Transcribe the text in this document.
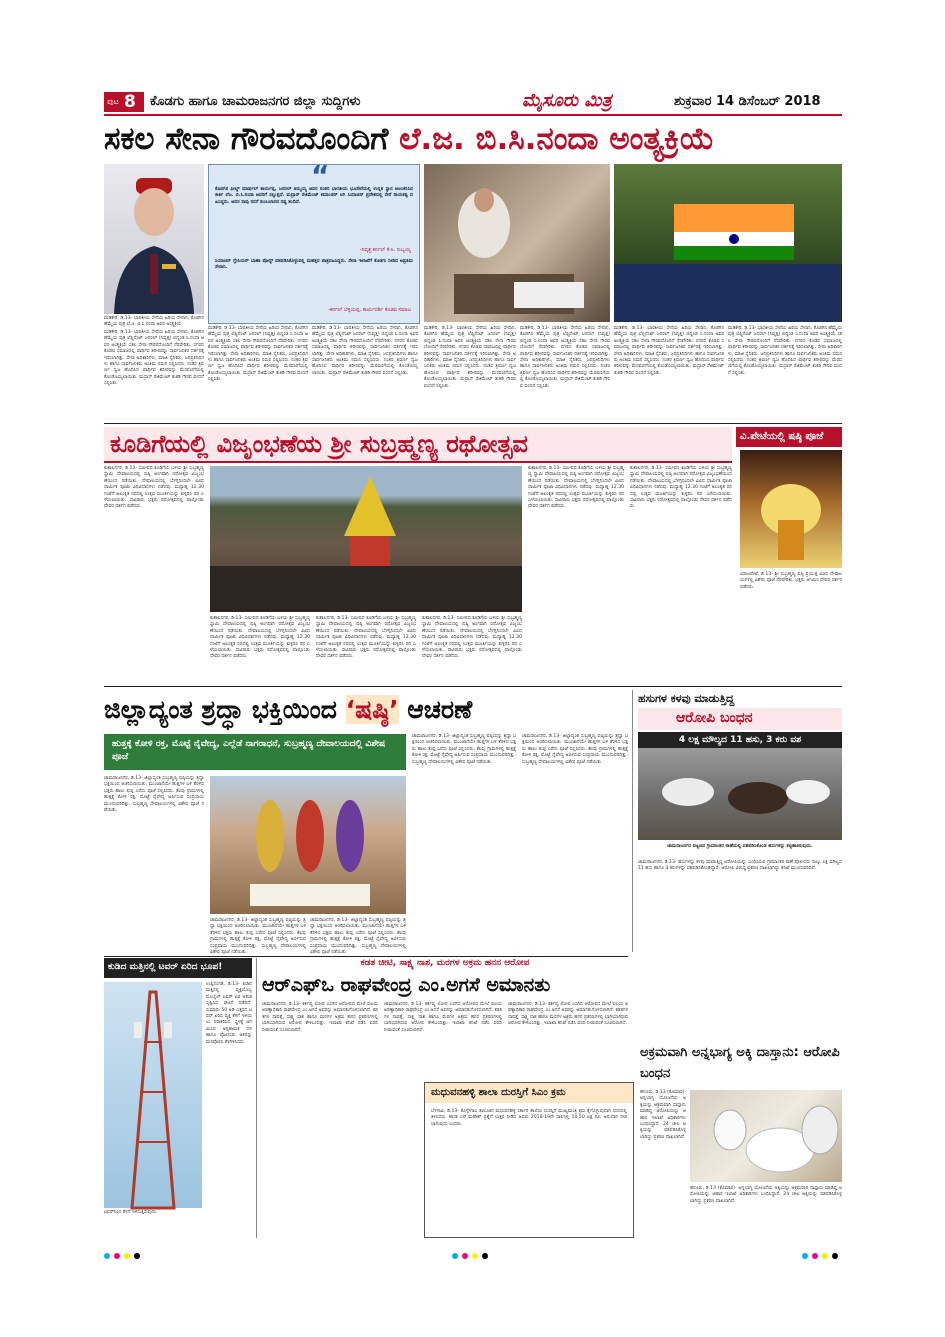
ಪುಟ 8 ಕೊಡಗು ಹಾಗೂ ಚಾಮರಾಜನಗರ ಜಿಲ್ಲಾ ಸುದ್ದಿಗಳು	ಮೈಸೂರು ಮಿತ್ರ	ಶುಕ್ರವಾರ 14 ಡಿಸೆಂಬರ್ 2018
ಸಕಲ ಸೇನಾ ಗೌರವದೊಂದಿಗೆ ಲೆ.ಜ. ಬಿ.ಸಿ.ನಂದಾ ಅಂತ್ಯಕ್ರಿಯೆ
ಮಡಿಕೇರಿ, ಡಿ.13- ಭಾರತೀಯ ಸೇನೆಯ ಹಿರಿಯ ಸೇನಾನಿ, ಕೊಡಗಿನ ಹೆಮ್ಮೆಯ ಪುತ್ರ ಲೆ.ಜ. ಬಿ.ಸಿ.ನಂದಾ ಅವರ ಅಂತ್ಯಕ್ರಿಯೆ
“
ಕೊಡಗಿನ ಫೀಲ್ಡ್ ಮಾರ್ಷಲ್ ಕಾರ್ಯಪ್ಪ, ಜನರಲ್ ತಿಮ್ಮಯ್ಯ ಅವರ ನಂತರ ಭಾರತೀಯ ಭೂಸೇನೆಯಲ್ಲಿ ಉನ್ನತ ಸ್ಥಾನ ಅಲಂಕರಿಸಿದ ಕೀರ್ತಿ ಲೆಜ. ಬಿ.ಸಿ.ನಂದಾ ಅವರಿಗೆ ಸಲ್ಲುತ್ತದೆ. ಮದ್ರಾಸ್ ರೆಜಿಮೆಂಟ್ ಕಮಾಂಡರ್ ಆಗಿ ಸಿಯಾಚಿನ್ ಪ್ರದೇಶದಲ್ಲಿ ಸೇನೆ ನಾಯಕತ್ವ ವಹಿಸಿದ್ದರು. ಅವರ ಸಾವು ನನಗೆ ತುಂಬಲಾರದ ನಷ್ಟ ತಂದಿದೆ.
-ನಿವೃತ್ತ ಕರ್ನಲ್ ಕೆ.ಸಿ. ಸುಬ್ಬಯ್ಯ
ಸಿಯಾಚಿನ್ ಗ್ಲೇಸಿಯರ್ ಬಾಣಾ ಪೋಸ್ಟ್ ವಶಪಡಿಸಿಕೊಳ್ಳುವಲ್ಲಿ ಮಹತ್ತರ ಪಾತ್ರವಹಿಸಿದ್ದರು. ಸೇನಾ ಇಲಾಖೆಗೆ ಕೊಡಗು ನೀಡಿದ ಅಪ್ರತಿಮ ಸೇನಾನಿ.
-ಕರ್ನಲ್ ಬೆಳ್ಳಿಯಪ್ಪ, ಕಾರ್ಯದರ್ಶಿ ಕೊಡವ ಸಮಾಜ
ಮಡಿಕೇರಿ, ಡಿ.13- ಭಾರತೀಯ ಸೇನೆಯ ಹಿರಿಯ ಸೇನಾನಿ, ಕೊಡಗಿನ ಹೆಮ್ಮೆಯ ಪುತ್ರ ಲೆಫ್ಟಿನೆಂಟ್ ಜನರಲ್ (ನಿವೃತ್ತ) ಬಿದ್ದಂಡ ಸಿ.ನಂದಾ ಅವರ ಅಂತ್ಯಕ್ರಿಯೆ ಸಕಲ ಸೇನಾ ಗೌರವದೊಂದಿಗೆ ನೆರವೇರಿತು. ನಗರದ ಕೊಡವ ಸಮಾಜದಲ್ಲಿ ಪಾರ್ಥಿವ ಶರೀರವನ್ನು ಸಾರ್ವಜನಿಕರ ದರ್ಶನಕ್ಕೆ ಇರಿಸಲಾಗಿತ್ತು. ಸೇನಾ ಅಧಿಕಾರಿಗಳು, ಮಾಜಿ ಸೈನಿಕರು, ಜನಪ್ರತಿನಿಧಿಗಳು ಹಾಗೂ ಸಾರ್ವಜನಿಕರು ಅಂತಿಮ ನಮನ ಸಲ್ಲಿಸಿದರು. ನಂತರ ತ್ರಿವರ್ಣ ಧ್ವಜ ಹೊದಿಸಿದ ಪಾರ್ಥಿವ ಶರೀರವನ್ನು ಮೆರವಣಿಗೆಯಲ್ಲಿ ಕೊಂಡೊಯ್ಯಲಾಯಿತು. ಮದ್ರಾಸ್ ರೆಜಿಮೆಂಟ್ ತುಕಡಿ ಗೌರವ ವಂದನೆ ಸಲ್ಲಿಸಿತು.
ಮಡಿಕೇರಿ, ಡಿ.13- ಭಾರತೀಯ ಸೇನೆಯ ಹಿರಿಯ ಸೇನಾನಿ, ಕೊಡಗಿನ ಹೆಮ್ಮೆಯ ಪುತ್ರ ಲೆಫ್ಟಿನೆಂಟ್ ಜನರಲ್ (ನಿವೃತ್ತ) ಬಿದ್ದಂಡ ಸಿ.ನಂದಾ ಅವರ ಅಂತ್ಯಕ್ರಿಯೆ ಸಕಲ ಸೇನಾ ಗೌರವದೊಂದಿಗೆ ನೆರವೇರಿತು. ನಗರದ ಕೊಡವ ಸಮಾಜದಲ್ಲಿ ಪಾರ್ಥಿವ ಶರೀರವನ್ನು ಸಾರ್ವಜನಿಕರ ದರ್ಶನಕ್ಕೆ ಇರಿಸಲಾಗಿತ್ತು. ಸೇನಾ ಅಧಿಕಾರಿಗಳು, ಮಾಜಿ ಸೈನಿಕರು, ಜನಪ್ರತಿನಿಧಿಗಳು ಹಾಗೂ ಸಾರ್ವಜನಿಕರು ಅಂತಿಮ ನಮನ ಸಲ್ಲಿಸಿದರು. ನಂತರ ತ್ರಿವರ್ಣ ಧ್ವಜ ಹೊದಿಸಿದ ಪಾರ್ಥಿವ ಶರೀರವನ್ನು ಮೆರವಣಿಗೆಯಲ್ಲಿ ಕೊಂಡೊಯ್ಯಲಾಯಿತು. ಮದ್ರಾಸ್ ರೆಜಿಮೆಂಟ್ ತುಕಡಿ ಗೌರವ ವಂದನೆ ಸಲ್ಲಿಸಿತು.
ಮಡಿಕೇರಿ, ಡಿ.13- ಭಾರತೀಯ ಸೇನೆಯ ಹಿರಿಯ ಸೇನಾನಿ, ಕೊಡಗಿನ ಹೆಮ್ಮೆಯ ಪುತ್ರ ಲೆಫ್ಟಿನೆಂಟ್ ಜನರಲ್ (ನಿವೃತ್ತ) ಬಿದ್ದಂಡ ಸಿ.ನಂದಾ ಅವರ ಅಂತ್ಯಕ್ರಿಯೆ ಸಕಲ ಸೇನಾ ಗೌರವದೊಂದಿಗೆ ನೆರವೇರಿತು. ನಗರದ ಕೊಡವ ಸಮಾಜದಲ್ಲಿ ಪಾರ್ಥಿವ ಶರೀರವನ್ನು ಸಾರ್ವಜನಿಕರ ದರ್ಶನಕ್ಕೆ ಇರಿಸಲಾಗಿತ್ತು. ಸೇನಾ ಅಧಿಕಾರಿಗಳು, ಮಾಜಿ ಸೈನಿಕರು, ಜನಪ್ರತಿನಿಧಿಗಳು ಹಾಗೂ ಸಾರ್ವಜನಿಕರು ಅಂತಿಮ ನಮನ ಸಲ್ಲಿಸಿದರು. ನಂತರ ತ್ರಿವರ್ಣ ಧ್ವಜ ಹೊದಿಸಿದ ಪಾರ್ಥಿವ ಶರೀರವನ್ನು ಮೆರವಣಿಗೆಯಲ್ಲಿ ಕೊಂಡೊಯ್ಯಲಾಯಿತು. ಮದ್ರಾಸ್ ರೆಜಿಮೆಂಟ್ ತುಕಡಿ ಗೌರವ ವಂದನೆ ಸಲ್ಲಿಸಿತು.
ಮಡಿಕೇರಿ, ಡಿ.13- ಭಾರತೀಯ ಸೇನೆಯ ಹಿರಿಯ ಸೇನಾನಿ, ಕೊಡಗಿನ ಹೆಮ್ಮೆಯ ಪುತ್ರ ಲೆಫ್ಟಿನೆಂಟ್ ಜನರಲ್ (ನಿವೃತ್ತ) ಬಿದ್ದಂಡ ಸಿ.ನಂದಾ ಅವರ ಅಂತ್ಯಕ್ರಿಯೆ ಸಕಲ ಸೇನಾ ಗೌರವದೊಂದಿಗೆ ನೆರವೇರಿತು. ನಗರದ ಕೊಡವ ಸಮಾಜದಲ್ಲಿ ಪಾರ್ಥಿವ ಶರೀರವನ್ನು ಸಾರ್ವಜನಿಕರ ದರ್ಶನಕ್ಕೆ ಇರಿಸಲಾಗಿತ್ತು. ಸೇನಾ ಅಧಿಕಾರಿಗಳು, ಮಾಜಿ ಸೈನಿಕರು, ಜನಪ್ರತಿನಿಧಿಗಳು ಹಾಗೂ ಸಾರ್ವಜನಿಕರು ಅಂತಿಮ ನಮನ ಸಲ್ಲಿಸಿದರು. ನಂತರ ತ್ರಿವರ್ಣ ಧ್ವಜ ಹೊದಿಸಿದ ಪಾರ್ಥಿವ ಶರೀರವನ್ನು ಮೆರವಣಿಗೆಯಲ್ಲಿ ಕೊಂಡೊಯ್ಯಲಾಯಿತು. ಮದ್ರಾಸ್ ರೆಜಿಮೆಂಟ್ ತುಕಡಿ ಗೌರವ ವಂದನೆ ಸಲ್ಲಿಸಿತು.
ಮಡಿಕೇರಿ, ಡಿ.13- ಭಾರತೀಯ ಸೇನೆಯ ಹಿರಿಯ ಸೇನಾನಿ, ಕೊಡಗಿನ ಹೆಮ್ಮೆಯ ಪುತ್ರ ಲೆಫ್ಟಿನೆಂಟ್ ಜನರಲ್ (ನಿವೃತ್ತ) ಬಿದ್ದಂಡ ಸಿ.ನಂದಾ ಅವರ ಅಂತ್ಯಕ್ರಿಯೆ ಸಕಲ ಸೇನಾ ಗೌರವದೊಂದಿಗೆ ನೆರವೇರಿತು. ನಗರದ ಕೊಡವ ಸಮಾಜದಲ್ಲಿ ಪಾರ್ಥಿವ ಶರೀರವನ್ನು ಸಾರ್ವಜನಿಕರ ದರ್ಶನಕ್ಕೆ ಇರಿಸಲಾಗಿತ್ತು. ಸೇನಾ ಅಧಿಕಾರಿಗಳು, ಮಾಜಿ ಸೈನಿಕರು, ಜನಪ್ರತಿನಿಧಿಗಳು ಹಾಗೂ ಸಾರ್ವಜನಿಕರು ಅಂತಿಮ ನಮನ ಸಲ್ಲಿಸಿದರು. ನಂತರ ತ್ರಿವರ್ಣ ಧ್ವಜ ಹೊದಿಸಿದ ಪಾರ್ಥಿವ ಶರೀರವನ್ನು ಮೆರವಣಿಗೆಯಲ್ಲಿ ಕೊಂಡೊಯ್ಯಲಾಯಿತು. ಮದ್ರಾಸ್ ರೆಜಿಮೆಂಟ್ ತುಕಡಿ ಗೌರವ ವಂದನೆ ಸಲ್ಲಿಸಿತು.
ಮಡಿಕೇರಿ, ಡಿ.13- ಭಾರತೀಯ ಸೇನೆಯ ಹಿರಿಯ ಸೇನಾನಿ, ಕೊಡಗಿನ ಹೆಮ್ಮೆಯ ಪುತ್ರ ಲೆಫ್ಟಿನೆಂಟ್ ಜನರಲ್ (ನಿವೃತ್ತ) ಬಿದ್ದಂಡ ಸಿ.ನಂದಾ ಅವರ ಅಂತ್ಯಕ್ರಿಯೆ ಸಕಲ ಸೇನಾ ಗೌರವದೊಂದಿಗೆ ನೆರವೇರಿತು. ನಗರದ ಕೊಡವ ಸಮಾಜದಲ್ಲಿ ಪಾರ್ಥಿವ ಶರೀರವನ್ನು ಸಾರ್ವಜನಿಕರ ದರ್ಶನಕ್ಕೆ ಇರಿಸಲಾಗಿತ್ತು. ಸೇನಾ ಅಧಿಕಾರಿಗಳು, ಮಾಜಿ ಸೈನಿಕರು, ಜನಪ್ರತಿನಿಧಿಗಳು ಹಾಗೂ ಸಾರ್ವಜನಿಕರು ಅಂತಿಮ ನಮನ ಸಲ್ಲಿಸಿದರು. ನಂತರ ತ್ರಿವರ್ಣ ಧ್ವಜ ಹೊದಿಸಿದ ಪಾರ್ಥಿವ ಶರೀರವನ್ನು ಮೆರವಣಿಗೆಯಲ್ಲಿ ಕೊಂಡೊಯ್ಯಲಾಯಿತು. ಮದ್ರಾಸ್ ರೆಜಿಮೆಂಟ್ ತುಕಡಿ ಗೌರವ ವಂದನೆ ಸಲ್ಲಿಸಿತು.
ಮಡಿಕೇರಿ, ಡಿ.13- ಭಾರತೀಯ ಸೇನೆಯ ಹಿರಿಯ ಸೇನಾನಿ, ಕೊಡಗಿನ ಹೆಮ್ಮೆಯ ಪುತ್ರ ಲೆಫ್ಟಿನೆಂಟ್ ಜನರಲ್ (ನಿವೃತ್ತ) ಬಿದ್ದಂಡ ಸಿ.ನಂದಾ ಅವರ ಅಂತ್ಯಕ್ರಿಯೆ ಸಕಲ ಸೇನಾ ಗೌರವದೊಂದಿಗೆ ನೆರವೇರಿತು. ನಗರದ ಕೊಡವ ಸಮಾಜದಲ್ಲಿ ಪಾರ್ಥಿವ ಶರೀರವನ್ನು ಸಾರ್ವಜನಿಕರ ದರ್ಶನಕ್ಕೆ ಇರಿಸಲಾಗಿತ್ತು. ಸೇನಾ ಅಧಿಕಾರಿಗಳು, ಮಾಜಿ ಸೈನಿಕರು, ಜನಪ್ರತಿನಿಧಿಗಳು ಹಾಗೂ ಸಾರ್ವಜನಿಕರು ಅಂತಿಮ ನಮನ ಸಲ್ಲಿಸಿದರು. ನಂತರ ತ್ರಿವರ್ಣ ಧ್ವಜ ಹೊದಿಸಿದ ಪಾರ್ಥಿವ ಶರೀರವನ್ನು ಮೆರವಣಿಗೆಯಲ್ಲಿ ಕೊಂಡೊಯ್ಯಲಾಯಿತು. ಮದ್ರಾಸ್ ರೆಜಿಮೆಂಟ್ ತುಕಡಿ ಗೌರವ ವಂದನೆ ಸಲ್ಲಿಸಿತು.
ಕೂಡಿಗೆಯಲ್ಲಿ ವಿಜೃಂಭಣೆಯ ಶ್ರೀ ಸುಬ್ರಹ್ಮಣ್ಯ ರಥೋತ್ಸವ	ವಿ.ಪೇಟೆಯಲ್ಲಿ ಷಷ್ಠಿ ಪೂಜೆ
ಕುಶಾಲನಗರ, ಡಿ.13- ಸಮೀಪದ ಕೂಡಿಗೆಯ ಬಳಿಯ ಶ್ರೀ ಸುಬ್ರಹ್ಮಣ್ಯ ಸ್ವಾಮಿ ದೇವಾಲಯದಲ್ಲಿ ಷಷ್ಠಿ ಅಂಗವಾಗಿ ರಥೋತ್ಸವ ವಿಜೃಂಭಣೆಯಿಂದ ನಡೆಯಿತು. ದೇವಾಲಯದಲ್ಲಿ ಬೆಳಗ್ಗಿನಿಂದಲೇ ವಿವಿಧ ಧಾರ್ಮಿಕ ಪೂಜಾ ವಿಧಿವಿಧಾನಗಳು ನಡೆದವು. ಮಧ್ಯಾಹ್ನ 12.30 ಗಂಟೆಗೆ ಅಲಂಕೃತ ರಥದಲ್ಲಿ ಉತ್ಸವ ಮೂರ್ತಿಯನ್ನು ಕುಳ್ಳಿರಿಸಿ ರಥ ಎಳೆಯಲಾಯಿತು. ಸಾವಿರಾರು ಭಕ್ತರು ರಥೋತ್ಸವದಲ್ಲಿ ಪಾಲ್ಗೊಂಡು ದೇವರ ದರ್ಶನ ಪಡೆದರು.
ಕುಶಾಲನಗರ, ಡಿ.13- ಸಮೀಪದ ಕೂಡಿಗೆಯ ಬಳಿಯ ಶ್ರೀ ಸುಬ್ರಹ್ಮಣ್ಯ ಸ್ವಾಮಿ ದೇವಾಲಯದಲ್ಲಿ ಷಷ್ಠಿ ಅಂಗವಾಗಿ ರಥೋತ್ಸವ ವಿಜೃಂಭಣೆಯಿಂದ ನಡೆಯಿತು. ದೇವಾಲಯದಲ್ಲಿ ಬೆಳಗ್ಗಿನಿಂದಲೇ ವಿವಿಧ ಧಾರ್ಮಿಕ ಪೂಜಾ ವಿಧಿವಿಧಾನಗಳು ನಡೆದವು. ಮಧ್ಯಾಹ್ನ 12.30 ಗಂಟೆಗೆ ಅಲಂಕೃತ ರಥದಲ್ಲಿ ಉತ್ಸವ ಮೂರ್ತಿಯನ್ನು ಕುಳ್ಳಿರಿಸಿ ರಥ ಎಳೆಯಲಾಯಿತು. ಸಾವಿರಾರು ಭಕ್ತರು ರಥೋತ್ಸವದಲ್ಲಿ ಪಾಲ್ಗೊಂಡು ದೇವರ ದರ್ಶನ ಪಡೆದರು.
ಕುಶಾಲನಗರ, ಡಿ.13- ಸಮೀಪದ ಕೂಡಿಗೆಯ ಬಳಿಯ ಶ್ರೀ ಸುಬ್ರಹ್ಮಣ್ಯ ಸ್ವಾಮಿ ದೇವಾಲಯದಲ್ಲಿ ಷಷ್ಠಿ ಅಂಗವಾಗಿ ರಥೋತ್ಸವ ವಿಜೃಂಭಣೆಯಿಂದ ನಡೆಯಿತು. ದೇವಾಲಯದಲ್ಲಿ ಬೆಳಗ್ಗಿನಿಂದಲೇ ವಿವಿಧ ಧಾರ್ಮಿಕ ಪೂಜಾ ವಿಧಿವಿಧಾನಗಳು ನಡೆದವು. ಮಧ್ಯಾಹ್ನ 12.30 ಗಂಟೆಗೆ ಅಲಂಕೃತ ರಥದಲ್ಲಿ ಉತ್ಸವ ಮೂರ್ತಿಯನ್ನು ಕುಳ್ಳಿರಿಸಿ ರಥ ಎಳೆಯಲಾಯಿತು. ಸಾವಿರಾರು ಭಕ್ತರು ರಥೋತ್ಸವದಲ್ಲಿ ಪಾಲ್ಗೊಂಡು ದೇವರ ದರ್ಶನ ಪಡೆದರು.
ಕುಶಾಲನಗರ, ಡಿ.13- ಸಮೀಪದ ಕೂಡಿಗೆಯ ಬಳಿಯ ಶ್ರೀ ಸುಬ್ರಹ್ಮಣ್ಯ ಸ್ವಾಮಿ ದೇವಾಲಯದಲ್ಲಿ ಷಷ್ಠಿ ಅಂಗವಾಗಿ ರಥೋತ್ಸವ ವಿಜೃಂಭಣೆಯಿಂದ ನಡೆಯಿತು. ದೇವಾಲಯದಲ್ಲಿ ಬೆಳಗ್ಗಿನಿಂದಲೇ ವಿವಿಧ ಧಾರ್ಮಿಕ ಪೂಜಾ ವಿಧಿವಿಧಾನಗಳು ನಡೆದವು. ಮಧ್ಯಾಹ್ನ 12.30 ಗಂಟೆಗೆ ಅಲಂಕೃತ ರಥದಲ್ಲಿ ಉತ್ಸವ ಮೂರ್ತಿಯನ್ನು ಕುಳ್ಳಿರಿಸಿ ರಥ ಎಳೆಯಲಾಯಿತು. ಸಾವಿರಾರು ಭಕ್ತರು ರಥೋತ್ಸವದಲ್ಲಿ ಪಾಲ್ಗೊಂಡು ದೇವರ ದರ್ಶನ ಪಡೆದರು.
ಕುಶಾಲನಗರ, ಡಿ.13- ಸಮೀಪದ ಕೂಡಿಗೆಯ ಬಳಿಯ ಶ್ರೀ ಸುಬ್ರಹ್ಮಣ್ಯ ಸ್ವಾಮಿ ದೇವಾಲಯದಲ್ಲಿ ಷಷ್ಠಿ ಅಂಗವಾಗಿ ರಥೋತ್ಸವ ವಿಜೃಂಭಣೆಯಿಂದ ನಡೆಯಿತು. ದೇವಾಲಯದಲ್ಲಿ ಬೆಳಗ್ಗಿನಿಂದಲೇ ವಿವಿಧ ಧಾರ್ಮಿಕ ಪೂಜಾ ವಿಧಿವಿಧಾನಗಳು ನಡೆದವು. ಮಧ್ಯಾಹ್ನ 12.30 ಗಂಟೆಗೆ ಅಲಂಕೃತ ರಥದಲ್ಲಿ ಉತ್ಸವ ಮೂರ್ತಿಯನ್ನು ಕುಳ್ಳಿರಿಸಿ ರಥ ಎಳೆಯಲಾಯಿತು. ಸಾವಿರಾರು ಭಕ್ತರು ರಥೋತ್ಸವದಲ್ಲಿ ಪಾಲ್ಗೊಂಡು ದೇವರ ದರ್ಶನ ಪಡೆದರು.
ಕುಶಾಲನಗರ, ಡಿ.13- ಸಮೀಪದ ಕೂಡಿಗೆಯ ಬಳಿಯ ಶ್ರೀ ಸುಬ್ರಹ್ಮಣ್ಯ ಸ್ವಾಮಿ ದೇವಾಲಯದಲ್ಲಿ ಷಷ್ಠಿ ಅಂಗವಾಗಿ ರಥೋತ್ಸವ ವಿಜೃಂಭಣೆಯಿಂದ ನಡೆಯಿತು. ದೇವಾಲಯದಲ್ಲಿ ಬೆಳಗ್ಗಿನಿಂದಲೇ ವಿವಿಧ ಧಾರ್ಮಿಕ ಪೂಜಾ ವಿಧಿವಿಧಾನಗಳು ನಡೆದವು. ಮಧ್ಯಾಹ್ನ 12.30 ಗಂಟೆಗೆ ಅಲಂಕೃತ ರಥದಲ್ಲಿ ಉತ್ಸವ ಮೂರ್ತಿಯನ್ನು ಕುಳ್ಳಿರಿಸಿ ರಥ ಎಳೆಯಲಾಯಿತು. ಸಾವಿರಾರು ಭಕ್ತರು ರಥೋತ್ಸವದಲ್ಲಿ ಪಾಲ್ಗೊಂಡು ದೇವರ ದರ್ಶನ ಪಡೆದರು.
ವಿರಾಜಪೇಟೆ, ಡಿ.13- ಶ್ರೀ ಸುಬ್ರಹ್ಮಣ್ಯ ಷಷ್ಠಿ ಪ್ರಯುಕ್ತ ವಿವಿಧ ದೇವಾಲಯಗಳಲ್ಲಿ ವಿಶೇಷ ಪೂಜೆ ನೆರವೇರಿತು. ಭಕ್ತರು ಆಗಮಿಸಿ ದೇವರ ದರ್ಶನ ಪಡೆದರು.
ಜಿಲ್ಲಾದ್ಯಂತ ಶ್ರದ್ಧಾ ಭಕ್ತಿಯಿಂದ ‘ಷಷ್ಠಿ’ ಆಚರಣೆ
ಹುತ್ತಕ್ಕೆ ಕೋಳಿ ರಕ್ತ, ಮೊಟ್ಟೆ ನೈವೇದ್ಯ, ಎಲ್ಲೆಡೆ ನಾಗರಾಧನೆ, ಸುಬ್ರಹ್ಮಣ್ಯ ದೇವಾಲಯದಲ್ಲಿ ವಿಶೇಷ ಪೂಜೆ
ಚಾಮರಾಜನಗರ, ಡಿ.13- ಜಿಲ್ಲಾದ್ಯಂತ ಸುಬ್ರಹ್ಮಣ್ಯ ಷಷ್ಠಿಯನ್ನು ಶ್ರದ್ಧಾ ಭಕ್ತಿಯಿಂದ ಆಚರಿಸಲಾಯಿತು. ಮುಂಜಾನೆಯೇ ಹುತ್ತಗಳ ಬಳಿ ತೆರಳಿದ ಭಕ್ತರು ಹಾಲು ತುಪ್ಪ ಎರೆದು ಪೂಜೆ ಸಲ್ಲಿಸಿದರು. ಕೆಲವು ಗ್ರಾಮಗಳಲ್ಲಿ ಹುತ್ತಕ್ಕೆ ಕೋಳಿ ರಕ್ತ, ಮೊಟ್ಟೆ ನೈವೇದ್ಯ ಅರ್ಪಿಸುವ ಸಂಪ್ರದಾಯ ಮುಂದುವರಿದಿತ್ತು. ಸುಬ್ರಹ್ಮಣ್ಯ ದೇವಾಲಯಗಳಲ್ಲಿ ವಿಶೇಷ ಪೂಜೆ ನಡೆಯಿತು.
ಚಾಮರಾಜನಗರ, ಡಿ.13- ಜಿಲ್ಲಾದ್ಯಂತ ಸುಬ್ರಹ್ಮಣ್ಯ ಷಷ್ಠಿಯನ್ನು ಶ್ರದ್ಧಾ ಭಕ್ತಿಯಿಂದ ಆಚರಿಸಲಾಯಿತು. ಮುಂಜಾನೆಯೇ ಹುತ್ತಗಳ ಬಳಿ ತೆರಳಿದ ಭಕ್ತರು ಹಾಲು ತುಪ್ಪ ಎರೆದು ಪೂಜೆ ಸಲ್ಲಿಸಿದರು. ಕೆಲವು ಗ್ರಾಮಗಳಲ್ಲಿ ಹುತ್ತಕ್ಕೆ ಕೋಳಿ ರಕ್ತ, ಮೊಟ್ಟೆ ನೈವೇದ್ಯ ಅರ್ಪಿಸುವ ಸಂಪ್ರದಾಯ ಮುಂದುವರಿದಿತ್ತು. ಸುಬ್ರಹ್ಮಣ್ಯ ದೇವಾಲಯಗಳಲ್ಲಿ ವಿಶೇಷ ಪೂಜೆ ನಡೆಯಿತು.
ಚಾಮರಾಜನಗರ, ಡಿ.13- ಜಿಲ್ಲಾದ್ಯಂತ ಸುಬ್ರಹ್ಮಣ್ಯ ಷಷ್ಠಿಯನ್ನು ಶ್ರದ್ಧಾ ಭಕ್ತಿಯಿಂದ ಆಚರಿಸಲಾಯಿತು. ಮುಂಜಾನೆಯೇ ಹುತ್ತಗಳ ಬಳಿ ತೆರಳಿದ ಭಕ್ತರು ಹಾಲು ತುಪ್ಪ ಎರೆದು ಪೂಜೆ ಸಲ್ಲಿಸಿದರು. ಕೆಲವು ಗ್ರಾಮಗಳಲ್ಲಿ ಹುತ್ತಕ್ಕೆ ಕೋಳಿ ರಕ್ತ, ಮೊಟ್ಟೆ ನೈವೇದ್ಯ ಅರ್ಪಿಸುವ ಸಂಪ್ರದಾಯ ಮುಂದುವರಿದಿತ್ತು. ಸುಬ್ರಹ್ಮಣ್ಯ ದೇವಾಲಯಗಳಲ್ಲಿ ವಿಶೇಷ ಪೂಜೆ ನಡೆಯಿತು.
ಚಾಮರಾಜನಗರ, ಡಿ.13- ಜಿಲ್ಲಾದ್ಯಂತ ಸುಬ್ರಹ್ಮಣ್ಯ ಷಷ್ಠಿಯನ್ನು ಶ್ರದ್ಧಾ ಭಕ್ತಿಯಿಂದ ಆಚರಿಸಲಾಯಿತು. ಮುಂಜಾನೆಯೇ ಹುತ್ತಗಳ ಬಳಿ ತೆರಳಿದ ಭಕ್ತರು ಹಾಲು ತುಪ್ಪ ಎರೆದು ಪೂಜೆ ಸಲ್ಲಿಸಿದರು. ಕೆಲವು ಗ್ರಾಮಗಳಲ್ಲಿ ಹುತ್ತಕ್ಕೆ ಕೋಳಿ ರಕ್ತ, ಮೊಟ್ಟೆ ನೈವೇದ್ಯ ಅರ್ಪಿಸುವ ಸಂಪ್ರದಾಯ ಮುಂದುವರಿದಿತ್ತು. ಸುಬ್ರಹ್ಮಣ್ಯ ದೇವಾಲಯಗಳಲ್ಲಿ ವಿಶೇಷ ಪೂಜೆ ನಡೆಯಿತು.
ಚಾಮರಾಜನಗರ, ಡಿ.13- ಜಿಲ್ಲಾದ್ಯಂತ ಸುಬ್ರಹ್ಮಣ್ಯ ಷಷ್ಠಿಯನ್ನು ಶ್ರದ್ಧಾ ಭಕ್ತಿಯಿಂದ ಆಚರಿಸಲಾಯಿತು. ಮುಂಜಾನೆಯೇ ಹುತ್ತಗಳ ಬಳಿ ತೆರಳಿದ ಭಕ್ತರು ಹಾಲು ತುಪ್ಪ ಎರೆದು ಪೂಜೆ ಸಲ್ಲಿಸಿದರು. ಕೆಲವು ಗ್ರಾಮಗಳಲ್ಲಿ ಹುತ್ತಕ್ಕೆ ಕೋಳಿ ರಕ್ತ, ಮೊಟ್ಟೆ ನೈವೇದ್ಯ ಅರ್ಪಿಸುವ ಸಂಪ್ರದಾಯ ಮುಂದುವರಿದಿತ್ತು. ಸುಬ್ರಹ್ಮಣ್ಯ ದೇವಾಲಯಗಳಲ್ಲಿ ವಿಶೇಷ ಪೂಜೆ ನಡೆಯಿತು.
ಹಸುಗಳ ಕಳವು ಮಾಡುತ್ತಿದ್ದ
ಆರೋಪಿ ಬಂಧನ
4 ಲಕ್ಷ ಮೌಲ್ಯದ 11 ಹಸು, 3 ಕರು ವಶ
ಚಾಮರಾಜನಗರ ಪಟ್ಟಣದ ಗ್ರಾಮಾಂತರ ಠಾಣೆಯಲ್ಲಿ ವಶಪಡಿಸಿಕೊಂಡ ಹಸುಗಳನ್ನು ಕಟ್ಟಿಹಾಕಿರುವುದು.
ಚಾಮರಾಜನಗರ, ಡಿ.13- ಹಸುಗಳನ್ನು ಕಳವು ಮಾಡುತ್ತಿದ್ದ ಆರೋಪಿಯನ್ನು ಬಂಧಿಸಿರುವ ಗ್ರಾಮಾಂತರ ಠಾಣೆ ಪೊಲೀಸರು ನಾಲ್ಕು ಲಕ್ಷ ಮೌಲ್ಯದ 11 ಹಸು ಹಾಗೂ 3 ಕರುಗಳನ್ನು ವಶಪಡಿಸಿಕೊಂಡಿದ್ದಾರೆ. ಆರೋಪಿ ವಿರುದ್ಧ ಪ್ರಕರಣ ದಾಖಲಾಗಿದ್ದು ತನಿಖೆ ಮುಂದುವರಿದಿದೆ.
ಕುಡಿದ ಮತ್ತಿನಲ್ಲಿ ಟವರ್ ಏರಿದ ಭೂಪ!
ಟವರ್‌ನಿಂದ ಕೆಳಗೆ ಇಳಿಸುತ್ತಿರುವುದು.
ಉಪ್ಪಿನಂಗಡಿ, ಡಿ.13- ಕುಡಿದ ಮತ್ತಿನಲ್ಲಿ ವ್ಯಕ್ತಿಯೊಬ್ಬ ಮೊಬೈಲ್ ಟವರ್ ಏರಿ ಆತಂಕ ಸೃಷ್ಟಿಸಿದ ಘಟನೆ ನಡೆದಿದೆ. ಸುಮಾರು 50 ಅಡಿ ಎತ್ತರದ ಟವರ್ ಏರಿದ ವ್ಯಕ್ತಿ ಕೆಳಗೆ ಇಳಿಯಲು ನಿರಾಕರಿಸಿದ. ಸ್ಥಳಕ್ಕೆ ಆಗಮಿಸಿದ ಅಗ್ನಿಶಾಮಕ ದಳ ಹಾಗೂ ಪೊಲೀಸರು ಆತನನ್ನು ಮನವೊಲಿಸಿ ಕೆಳಗಿಳಿಸಿದರು.
ಕಡತ ಚೀಟಿ, ಸಾಕ್ಷ್ಯ ನಾಶ, ಮರಗಳ ಅಕ್ರಮ ಹನನ ಆರೋಪ
ಆರ್‌ಎಫ್‌ಒ ರಾಘವೇಂದ್ರ ಎಂ.ಅಗಸೆ ಅಮಾನತು
ಚಾಮರಾಜನಗರ, ಡಿ.13- ಕರ್ತವ್ಯ ಲೋಪ ಎಸಗಿದ ಆರೋಪದ ಮೇಲೆ ವಲಯ ಅರಣ್ಯಾಧಿಕಾರಿ ರಾಘವೇಂದ್ರ ಎಂ.ಅಗಸೆ ಅವರನ್ನು ಅಮಾನತುಗೊಳಿಸಲಾಗಿದೆ. ಕಡತಗಳ ನಾಪತ್ತೆ, ಸಾಕ್ಷ್ಯ ನಾಶ ಹಾಗೂ ಮರಗಳ ಅಕ್ರಮ ಹನನ ಪ್ರಕರಣಗಳಲ್ಲಿ ಭಾಗಿಯಾಗಿರುವ ಆರೋಪ ಕೇಳಿಬಂದಿತ್ತು. ಇಲಾಖಾ ತನಿಖೆ ನಡೆಸಿ ವರದಿ ನೀಡುವಂತೆ ಸೂಚಿಸಲಾಗಿದೆ.
ಚಾಮರಾಜನಗರ, ಡಿ.13- ಕರ್ತವ್ಯ ಲೋಪ ಎಸಗಿದ ಆರೋಪದ ಮೇಲೆ ವಲಯ ಅರಣ್ಯಾಧಿಕಾರಿ ರಾಘವೇಂದ್ರ ಎಂ.ಅಗಸೆ ಅವರನ್ನು ಅಮಾನತುಗೊಳಿಸಲಾಗಿದೆ. ಕಡತಗಳ ನಾಪತ್ತೆ, ಸಾಕ್ಷ್ಯ ನಾಶ ಹಾಗೂ ಮರಗಳ ಅಕ್ರಮ ಹನನ ಪ್ರಕರಣಗಳಲ್ಲಿ ಭಾಗಿಯಾಗಿರುವ ಆರೋಪ ಕೇಳಿಬಂದಿತ್ತು. ಇಲಾಖಾ ತನಿಖೆ ನಡೆಸಿ ವರದಿ ನೀಡುವಂತೆ ಸೂಚಿಸಲಾಗಿದೆ.
ಚಾಮರಾಜನಗರ, ಡಿ.13- ಕರ್ತವ್ಯ ಲೋಪ ಎಸಗಿದ ಆರೋಪದ ಮೇಲೆ ವಲಯ ಅರಣ್ಯಾಧಿಕಾರಿ ರಾಘವೇಂದ್ರ ಎಂ.ಅಗಸೆ ಅವರನ್ನು ಅಮಾನತುಗೊಳಿಸಲಾಗಿದೆ. ಕಡತಗಳ ನಾಪತ್ತೆ, ಸಾಕ್ಷ್ಯ ನಾಶ ಹಾಗೂ ಮರಗಳ ಅಕ್ರಮ ಹನನ ಪ್ರಕರಣಗಳಲ್ಲಿ ಭಾಗಿಯಾಗಿರುವ ಆರೋಪ ಕೇಳಿಬಂದಿತ್ತು. ಇಲಾಖಾ ತನಿಖೆ ನಡೆಸಿ ವರದಿ ನೀಡುವಂತೆ ಸೂಚಿಸಲಾಗಿದೆ.
ಮಧುವನಹಳ್ಳಿ ಶಾಲಾ ದುರಸ್ತಿಗೆ ಸಿಎಂ ಕ್ರಮ
ಬೆಳಗಾವಿ, ಡಿ.13- ಕೊಳ್ಳೇಗಾಲ ತಾಲೂಕಿನ ಮಧುವನಹಳ್ಳಿ ಸರ್ಕಾರಿ ಶಾಲೆಯ ದುರಸ್ತಿಗೆ ಮುಖ್ಯಮಂತ್ರಿ ಕ್ರಮ ಕೈಗೊಳ್ಳುವುದಾಗಿ ಸದನದಲ್ಲಿ ತಿಳಿಸಿದರು. ಶಾಸಕ ಎನ್.ಮಹೇಶ್ ಪ್ರಶ್ನೆಗೆ ಉತ್ತರ ನೀಡಿದ ಅವರು 2018-19ನೇ ಸಾಲಿನಲ್ಲಿ 10.50 ಲಕ್ಷ ರೂ. ಅನುದಾನ ನೀಡಲಾಗುವುದು ಎಂದರು.
ಅಕ್ರಮವಾಗಿ ಅನ್ನಭಾಗ್ಯ ಅಕ್ಕಿ ದಾಸ್ತಾನು: ಆರೋಪಿ ಬಂಧನ
ಹನೂರು, ಡಿ.13 (ಕೊಮಾರ)- ಅನ್ನಭಾಗ್ಯ ಯೋಜನೆಯ ಅಕ್ಕಿಯನ್ನು ಅಕ್ರಮವಾಗಿ ದಾಸ್ತಾನು ಮಾಡಿದ್ದ ಆರೋಪಿಯನ್ನು ಆಹಾರ ಇಲಾಖೆ ಅಧಿಕಾರಿಗಳು ಬಂಧಿಸಿದ್ದಾರೆ. 24 ಚೀಲ ಅಕ್ಕಿಯನ್ನು ವಶಪಡಿಸಿಕೊಳ್ಳಲಾಗಿದ್ದು ಪ್ರಕರಣ ದಾಖಲಾಗಿದೆ.
ಹನೂರು, ಡಿ.13 (ಕೊಮಾರ)- ಅನ್ನಭಾಗ್ಯ ಯೋಜನೆಯ ಅಕ್ಕಿಯನ್ನು ಅಕ್ರಮವಾಗಿ ದಾಸ್ತಾನು ಮಾಡಿದ್ದ ಆರೋಪಿಯನ್ನು ಆಹಾರ ಇಲಾಖೆ ಅಧಿಕಾರಿಗಳು ಬಂಧಿಸಿದ್ದಾರೆ. 24 ಚೀಲ ಅಕ್ಕಿಯನ್ನು ವಶಪಡಿಸಿಕೊಳ್ಳಲಾಗಿದ್ದು ಪ್ರಕರಣ ದಾಖಲಾಗಿದೆ.
